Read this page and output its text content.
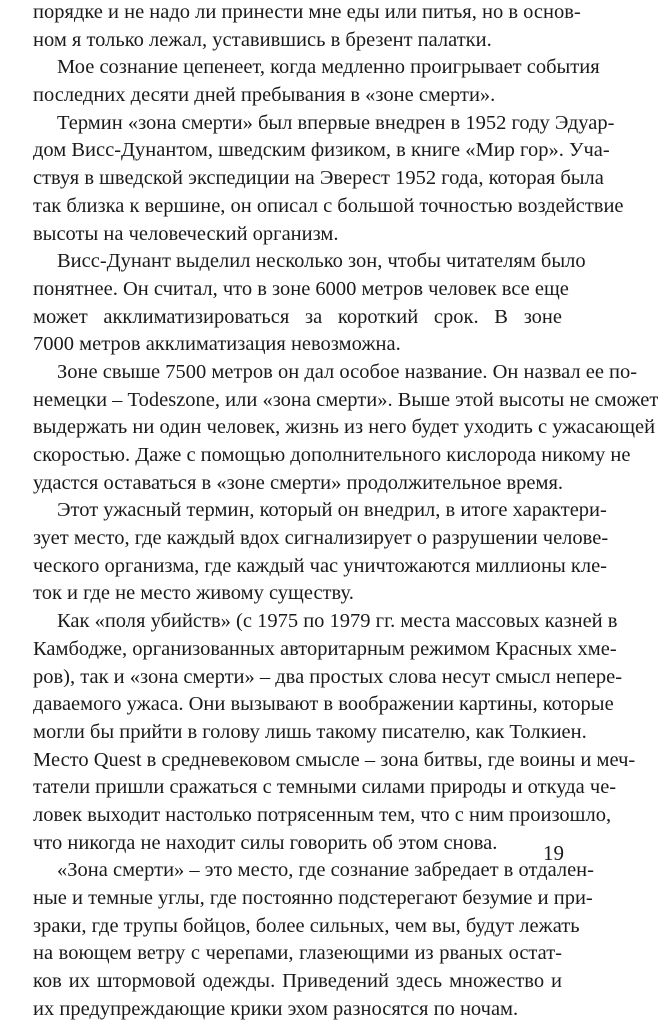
порядке и не надо ли принести мне еды или питья, но в основ-
ном я только лежал, уставившись в брезент палатки.
Мое сознание цепенеет, когда медленно проигрывает события
последних десяти дней пребывания в «зоне смерти».
Термин «зона смерти» был впервые внедрен в 1952 году Эдуар-
дом Висс-Дунантом, шведским физиком, в книге «Мир гор». Уча-
ствуя в шведской экспедиции на Эверест 1952 года, которая была
так близка к вершине, он описал с большой точностью воздействие
высоты на человеческий организм.
Висс-Дунант выделил несколько зон, чтобы читателям было
понятнее. Он считал, что в зоне 6000 метров человек все еще
может акклиматизироваться за короткий срок. В зоне
7000 метров акклиматизация невозможна.
Зоне свыше 7500 метров он дал особое название. Он назвал ее по-
немецки – Todeszone, или «зона смерти». Выше этой высоты не сможет
выдержать ни один человек, жизнь из него будет уходить с ужасающей
скоростью. Даже с помощью дополнительного кислорода никому не
удастся оставаться в «зоне смерти» продолжительное время.
Этот ужасный термин, который он внедрил, в итоге характери-
зует место, где каждый вдох сигнализирует о разрушении челове-
ческого организма, где каждый час уничтожаются миллионы кле-
ток и где не место живому существу.
Как «поля убийств» (с 1975 по 1979 гг. места массовых казней в
Камбодже, организованных авторитарным режимом Красных хме-
ров), так и «зона смерти» – два простых слова несут смысл непере-
даваемого ужаса. Они вызывают в воображении картины, которые
могли бы прийти в голову лишь такому писателю, как Толкиен.
Место Quest в средневековом смысле – зона битвы, где воины и меч-
татели пришли сражаться с темными силами природы и откуда че-
ловек выходит настолько потрясенным тем, что с ним произошло,
что никогда не находит силы говорить об этом снова.
«Зона смерти» – это место, где сознание забредает в отдален-
ные и темные углы, где постоянно подстерегают безумие и при-
зраки, где трупы бойцов, более сильных, чем вы, будут лежать
на воющем ветру с черепами, глазеющими из рваных остат-
ков их штормовой одежды. Приведений здесь множество и
их предупреждающие крики эхом разносятся по ночам.
19
